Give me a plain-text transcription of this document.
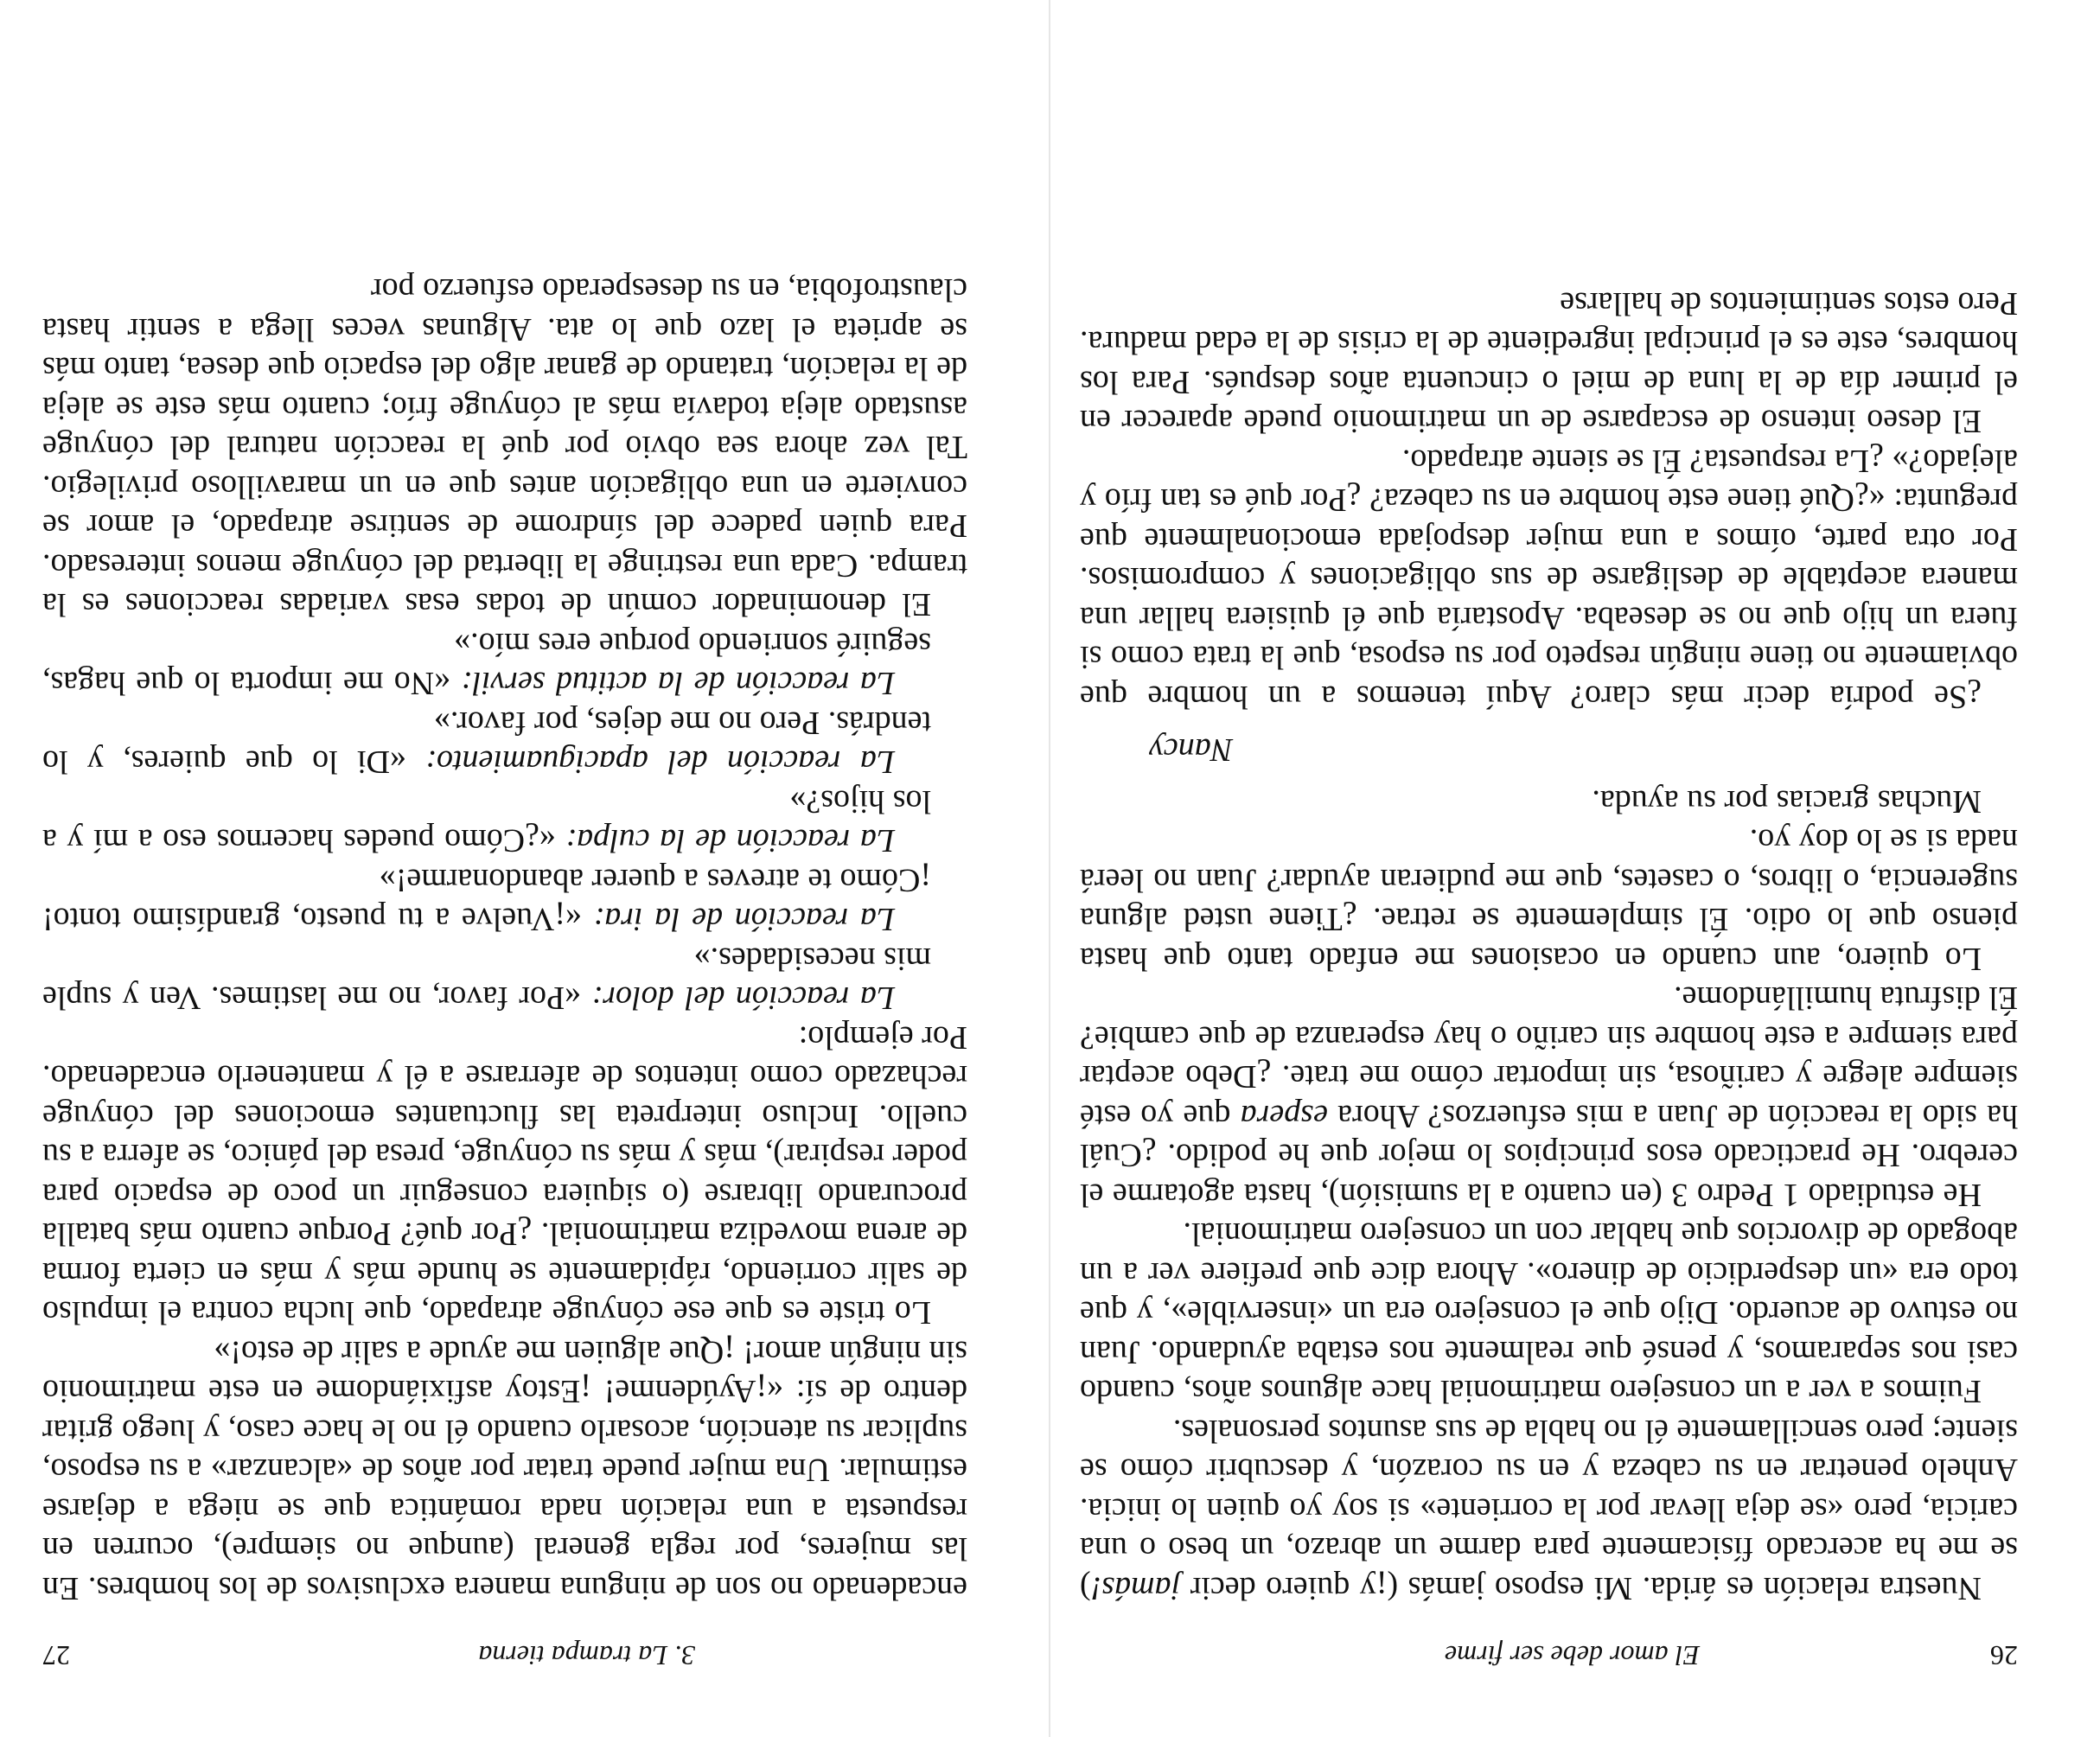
26
El amor debe ser firme

Nuestra relación es árida. Mi esposo jamás (¡y quiero decir jamás!) se me ha acercado físicamente para darme un abrazo, un beso o una caricia, pero «se deja llevar por la corriente» si soy yo quien lo inicia. Anhelo penetrar en su cabeza y en su corazón, y descubrir cómo se siente; pero sencillamente él no habla de sus asuntos personales.

Fuimos a ver a un consejero matrimonial hace algunos años, cuando casi nos separamos, y pensé que realmente nos estaba ayudando. Juan no estuvo de acuerdo. Dijo que el consejero era un «inservible», y que todo era «un desperdicio de dinero». Ahora dice que prefiere ver a un abogado de divorcios que hablar con un consejero matrimonial.

He estudiado 1 Pedro 3 (en cuanto a la sumisión), hasta agotarme el cerebro. He practicado esos principios lo mejor que he podido. ¿Cuál ha sido la reacción de Juan a mis esfuerzos? Ahora espera que yo esté siempre alegre y cariñosa, sin importar cómo me trate. ¿Debo aceptar para siempre a este hombre sin cariño o hay esperanza de que cambie? Él disfruta humillándome.

Lo quiero, aun cuando en ocasiones me enfado tanto que hasta pienso que lo odio. Él simplemente se retrae. ¿Tiene usted alguna sugerencia, o libros, o casetes, que me pudieran ayudar? Juan no leerá nada si se lo doy yo.

Muchas gracias por su ayuda.

Nancy

¿Se podría decir más claro? Aquí tenemos a un hombre que obviamente no tiene ningún respeto por su esposa, que la trata como si fuera un hijo que no se deseaba. Apostaría que él quisiera hallar una manera aceptable de desligarse de sus obligaciones y compromisos. Por otra parte, oímos a una mujer despojada emocionalmente que pregunta: «¿Qué tiene este hombre en su cabeza? ¿Por qué es tan frío y alejado?» ¿La respuesta? Él se siente atrapado.

El deseo intenso de escaparse de un matrimonio puede aparecer en el primer día de la luna de miel o cincuenta años después. Para los hombres, este es el principal ingrediente de la crisis de la edad madura. Pero estos sentimientos de hallarse

3. La trampa tierna
27

encadenado no son de ninguna manera exclusivos de los hombres. En las mujeres, por regla general (aunque no siempre), ocurren en respuesta a una relación nada romántica que se niega a dejarse estimular. Una mujer puede tratar por años de «alcanzar» a su esposo, suplicar su atención, acosarlo cuando él no le hace caso, y luego gritar dentro de sí: «¡Ayúdenme! ¡Estoy asfixiándome en este matrimonio sin ningún amor! ¡Que alguien me ayude a salir de esto!»

Lo triste es que ese cónyuge atrapado, que lucha contra el impulso de salir corriendo, rápidamente se hunde más y más en cierta forma de arena movediza matrimonial. ¿Por qué? Porque cuanto más batalla procurando librarse (o siquiera conseguir un poco de espacio para poder respirar), más y más su cónyuge, presa del pánico, se aferra a su cuello. Incluso interpreta las fluctuantes emociones del cónyuge rechazado como intentos de aferrarse a él y mantenerlo encadenado. Por ejemplo:

La reacción del dolor: «Por favor, no me lastimes. Ven y suple mis necesidades.»

La reacción de la ira: «¡Vuelve a tu puesto, grandísimo tonto! ¡Cómo te atreves a querer abandonarme!»

La reacción de la culpa: «¿Cómo puedes hacernos eso a mí y a los hijos?»

La reacción del apaciguamiento: «Di lo que quieres, y lo tendrás. Pero no me dejes, por favor.»

La reacción de la actitud servil: «No me importa lo que hagas, seguiré sonriendo porque eres mío.»

El denominador común de todas esas variadas reacciones es la trampa. Cada una restringe la libertad del cónyuge menos interesado. Para quien padece del síndrome de sentirse atrapado, el amor se convierte en una obligación antes que en un maravilloso privilegio. Tal vez ahora sea obvio por qué la reacción natural del cónyuge asustado aleja todavía más al cónyuge frío; cuanto más este se aleja de la relación, tratando de ganar algo del espacio que desea, tanto más se aprieta el lazo que lo ata. Algunas veces llega a sentir hasta claustrofobia, en su desesperado esfuerzo por
